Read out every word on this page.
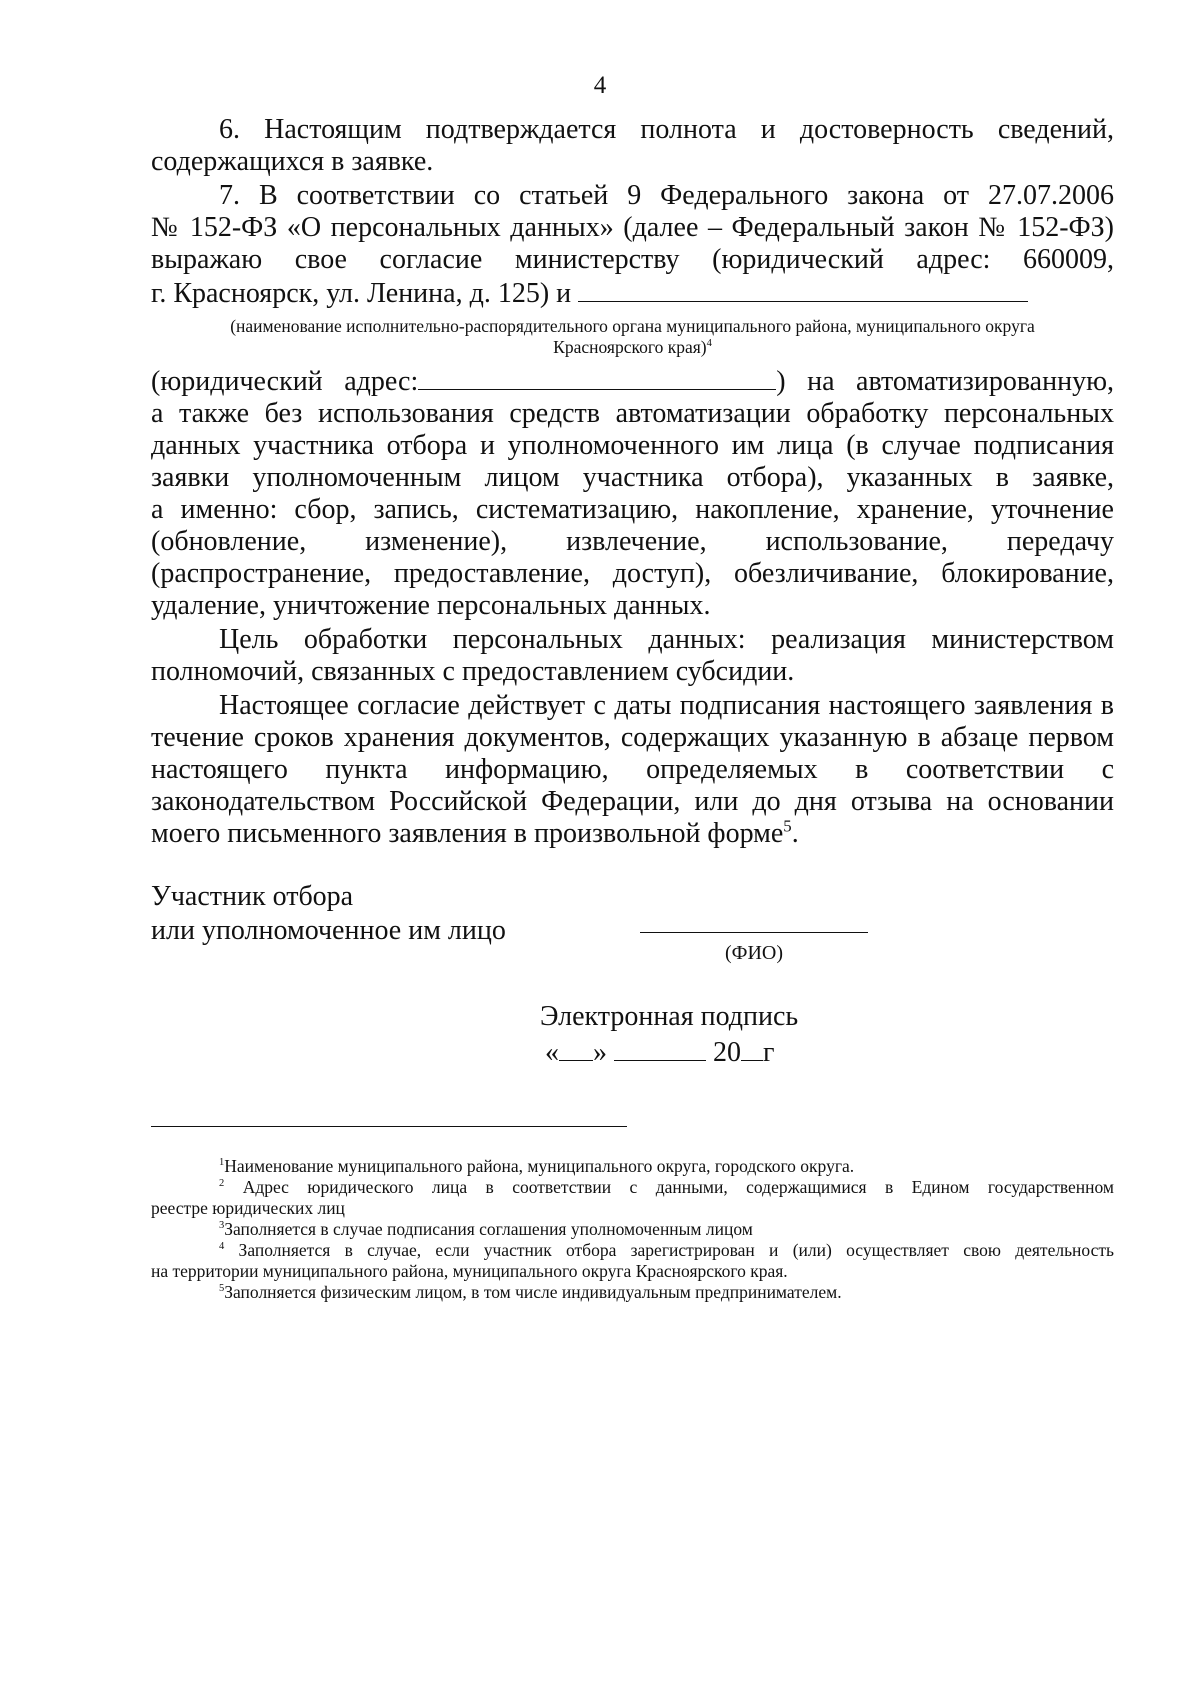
4
6. Настоящим подтверждается полнота и достоверность сведений,
содержащихся в заявке.
7. В соответствии со статьей 9 Федерального закона от 27.07.2006
№ 152-ФЗ «О персональных данных» (далее – Федеральный закон № 152-ФЗ)
выражаю свое согласие министерству (юридический адрес: 660009,
г. Красноярск, ул. Ленина, д. 125) и
(наименование исполнительно-распорядительного органа муниципального района, муниципального округа
Красноярского края)$^4$
(юридический адрес:	) на автоматизированную,
а также без использования средств автоматизации обработку персональных
данных участника отбора и уполномоченного им лица (в случае подписания
заявки уполномоченным лицом участника отбора), указанных в заявке,
а именно: сбор, запись, систематизацию, накопление, хранение, уточнение
(обновление, изменение), извлечение, использование, передачу
(распространение, предоставление, доступ), обезличивание, блокирование,
удаление, уничтожение персональных данных.
Цель обработки персональных данных: реализация министерством
полномочий, связанных с предоставлением субсидии.
Настоящее согласие действует с даты подписания настоящего заявления в
течение сроков хранения документов, содержащих указанную в абзаце первом
настоящего пункта информацию, определяемых в соответствии с
законодательством Российской Федерации, или до дня отзыва на основании
моего письменного заявления в произвольной форме$^5$.
Участник отбора
или уполномоченное им лицо
(ФИО)
Электронная подпись
« »	20 г
$^1$Наименование муниципального района, муниципального округа, городского округа.
$^2$ Адрес юридического лица в соответствии с данными, содержащимися в Едином государственном
реестре юридических лиц
$^3$Заполняется в случае подписания соглашения уполномоченным лицом
$^4$ Заполняется в случае, если участник отбора зарегистрирован и (или) осуществляет свою деятельность
на территории муниципального района, муниципального округа Красноярского края.
$^5$Заполняется физическим лицом, в том числе индивидуальным предпринимателем.
